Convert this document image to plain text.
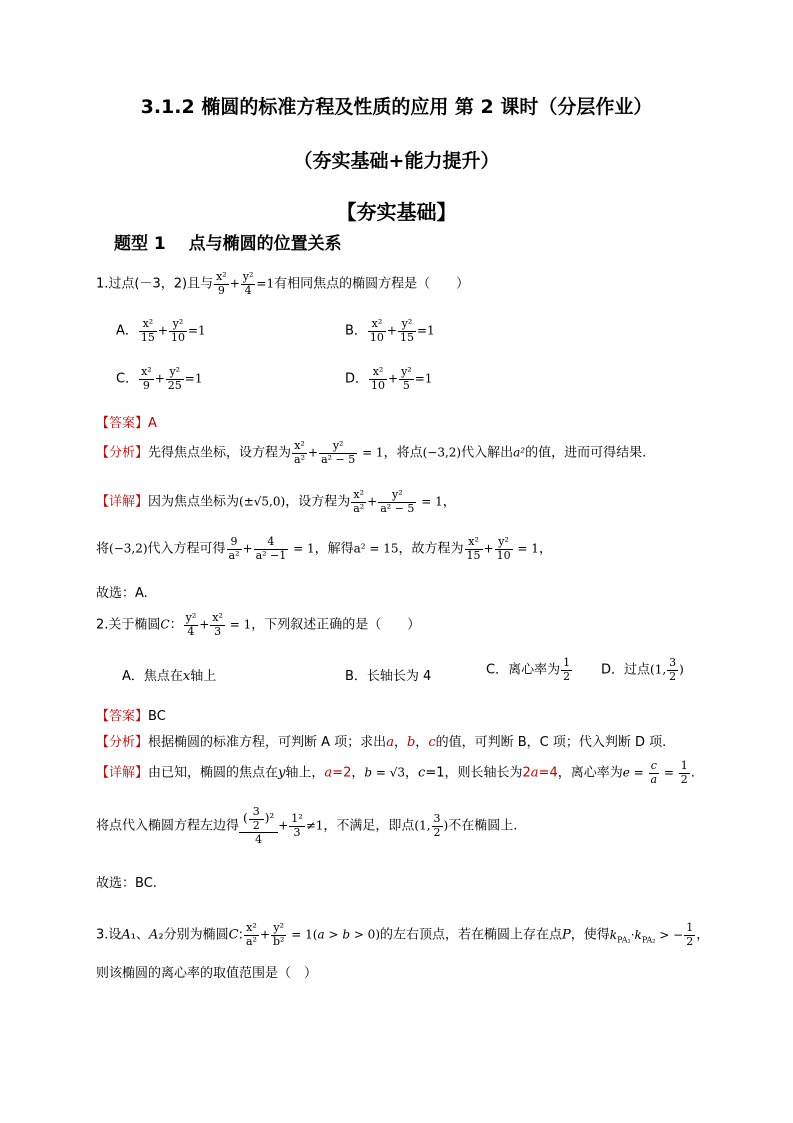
3.1.2 椭圆的标准方程及性质的应用 第 2 课时（分层作业）
（夯实基础+能力提升）
【夯实基础】
题型 1　 点与椭圆的位置关系
1.过点(－3，2)且与 $\frac{\text{x²}}{9} + \frac{\text{y²}}{4} =1$有相同焦点的椭圆方程是（　　）
A． $\frac{\text{x²}}{15} + \frac{\text{y²}}{10} =1$	B． $\frac{\text{x²}}{10} + \frac{\text{y²}}{15} =1$
C． $\frac{\text{x²}}{9} + \frac{\text{y²}}{25} =1$	D． $\frac{\text{x²}}{10} + \frac{\text{y²}}{5} =1$
【答案】A
【分析】先得焦点坐标，设方程为 $\frac{\text{x²}}{\text{a²}} + \frac{\text{y²}}{\text{a² − 5}} = 1$，将点(−3,2)代入解出a²的值，进而可得结果.
【详解】因为焦点坐标为(±√5,0)，设方程为 $\frac{\text{x²}}{\text{a²}} + \frac{\text{y²}}{\text{a² − 5}} = 1$，
将(−3,2)代入方程可得 $\frac{9}{\text{a²}} + \frac{4}{\text{a² −1}} = 1$，解得a² = 15，故方程为 $\frac{\text{x²}}{15} + \frac{\text{y²}}{10} = 1$，
故选：A.
2.关于椭圆C： $\frac{\text{y²}}{4} + \frac{\text{x²}}{3} = 1$，下列叙述正确的是（　　）
A．焦点在x轴上	B．长轴长为 4	C．离心率为 $\frac{1}{2}$ D．过点(1, $\frac{3}{2}$ )
【答案】BC
【分析】根据椭圆的标准方程，可判断 A 项；求出a，b，c的值，可判断 B，C 项；代入判断 D 项.
【详解】由已知，椭圆的焦点在y轴上，a=2，b = √3，c=1，则长轴长为2a=4，离心率为$e = \frac{c}{a} = \frac{1}{2}$ .
将点代入椭圆方程左边得 $\frac{( \frac{3}{2} )^2}{4} + \frac{\text{1²}}{3} \ne 1$，不满足，即点(1, $\frac{3}{2}$ )不在椭圆上.
故选：BC.
3.设A₁、A₂分别为椭圆C: $\frac{\text{x²}}{\text{a²}} + \frac{\text{y²}}{\text{b²}} = 1(a > b > 0)$的左右顶点，若在椭圆上存在点P，使得$k_{PA_1}\cdot k_{PA_2}$ > − $\frac{1}{2}$ ，
则该椭圆的离心率的取值范围是（　）
